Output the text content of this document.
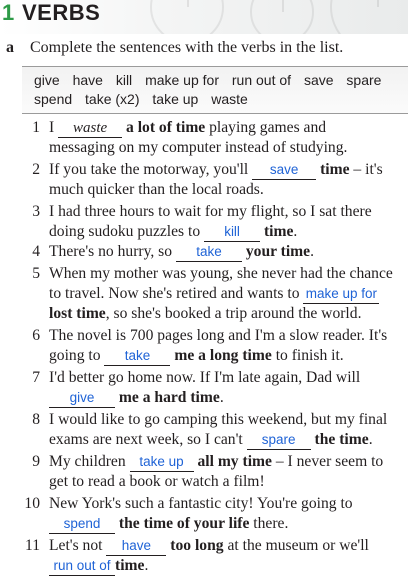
1 VERBS
a Complete the sentences with the verbs in the list.
give have kill make up for run out of save spare
spend take (x2) take up waste
1 I waste a lot of time playing games and
messaging on my computer instead of studying.
2 If you take the motorway, you'll save time – it's
much quicker than the local roads.
3 I had three hours to wait for my flight, so I sat there
doing sudoku puzzles to kill time.
4 There's no hurry, so take your time.
5 When my mother was young, she never had the chance
to travel. Now she's retired and wants to make up for
lost time, so she's booked a trip around the world.
6 The novel is 700 pages long and I'm a slow reader. It's
going to take me a long time to finish it.
7 I'd better go home now. If I'm late again, Dad will
give me a hard time.
8 I would like to go camping this weekend, but my final
exams are next week, so I can't spare the time.
9 My children take up all my time – I never seem to
get to read a book or watch a film!
10 New York's such a fantastic city! You're going to
spend the time of your life there.
11 Let's not have too long at the museum or we'll
run out of time.
